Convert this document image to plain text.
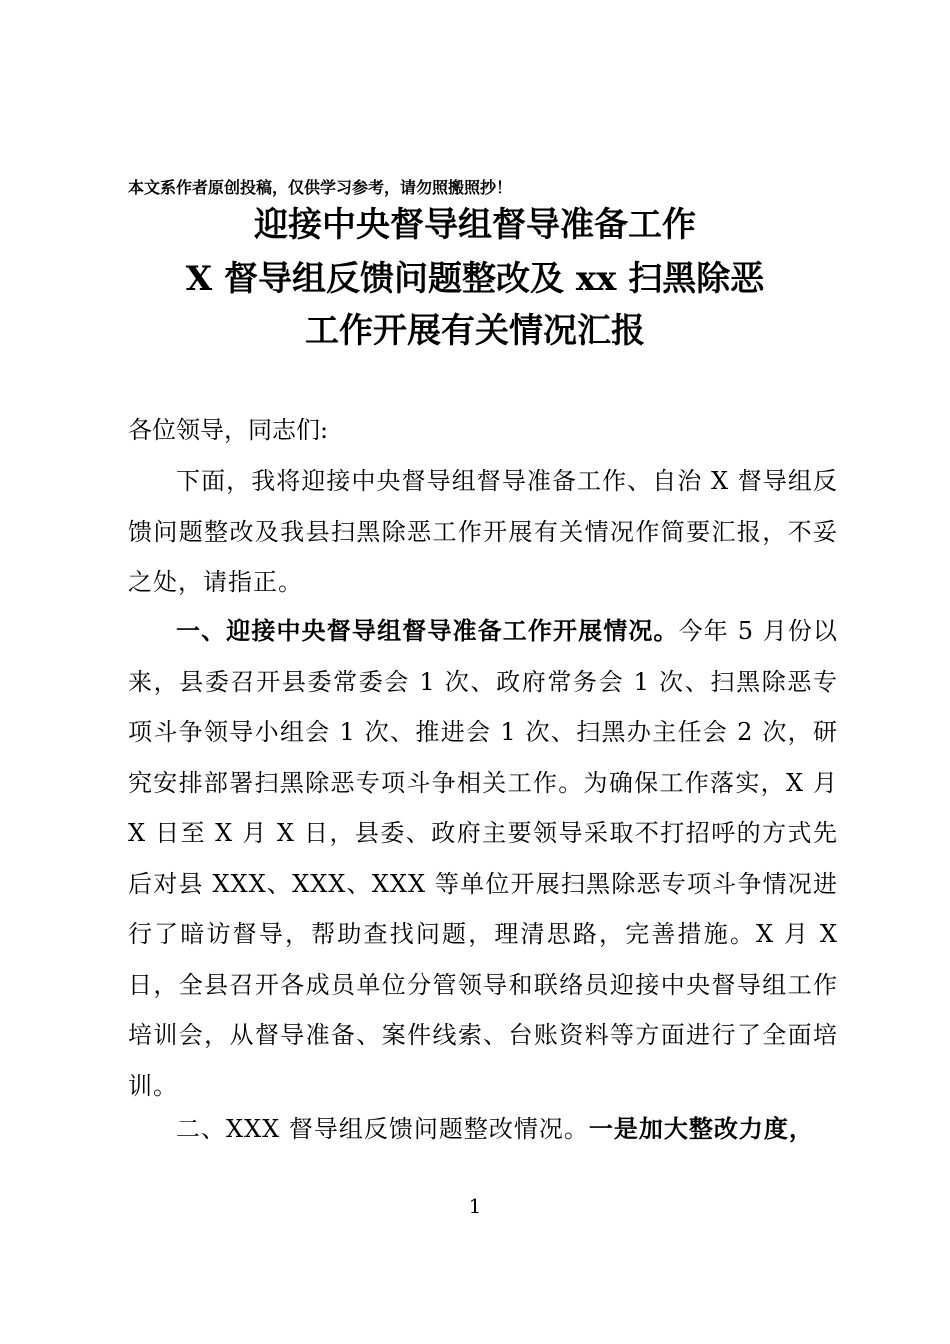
本文系作者原创投稿，仅供学习参考，请勿照搬照抄！
迎接中央督导组督导准备工作
X 督导组反馈问题整改及 xx 扫黑除恶
工作开展有关情况汇报
各位领导，同志们:

下面，我将迎接中央督导组督导准备工作、自治 X 督导组反馈问题整改及我县扫黑除恶工作开展有关情况作简要汇报，不妥之处，请指正。

一、迎接中央督导组督导准备工作开展情况。今年 5 月份以来，县委召开县委常委会 1 次、政府常务会 1 次、扫黑除恶专项斗争领导小组会 1 次、推进会 1 次、扫黑办主任会 2 次，研究安排部署扫黑除恶专项斗争相关工作。为确保工作落实，X 月 X 日至 X 月 X 日，县委、政府主要领导采取不打招呼的方式先后对县 XXX、XXX、XXX 等单位开展扫黑除恶专项斗争情况进行了暗访督导，帮助查找问题，理清思路，完善措施。X 月 X 日，全县召开各成员单位分管领导和联络员迎接中央督导组工作培训会，从督导准备、案件线索、台账资料等方面进行了全面培训。

二、XXX 督导组反馈问题整改情况。一是加大整改力度，

1
